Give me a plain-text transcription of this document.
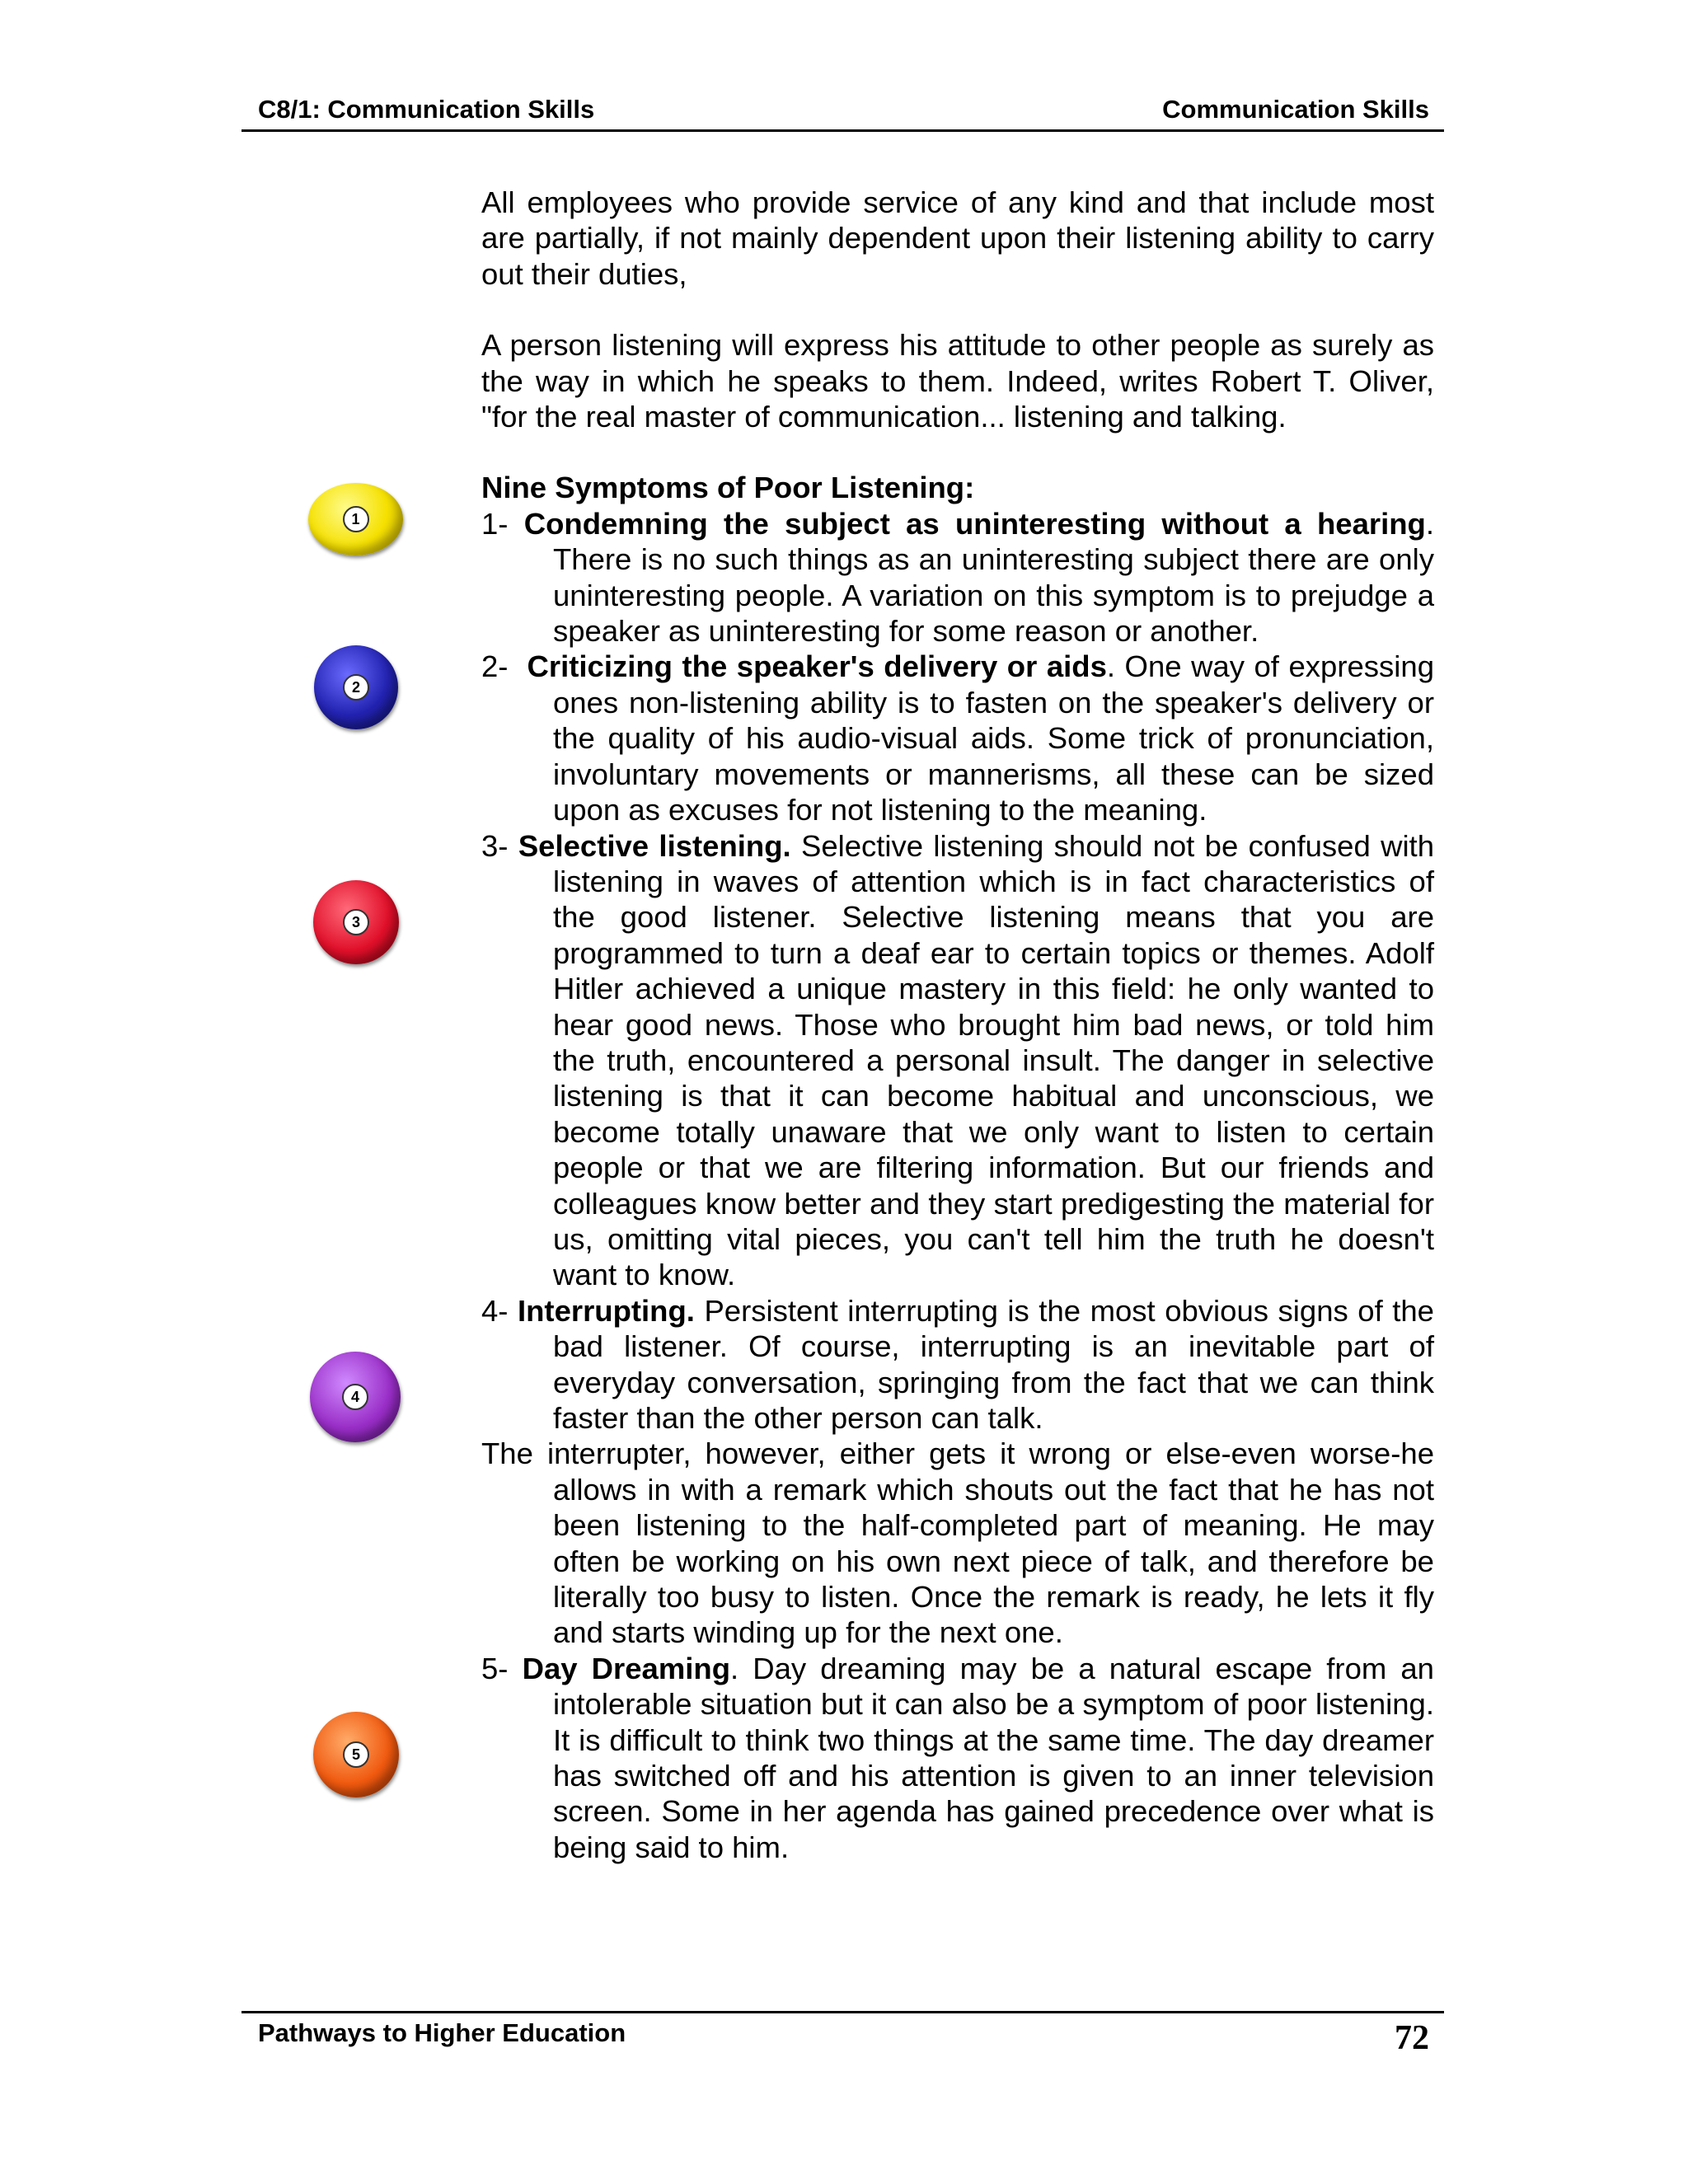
C8/1: Communication Skills	Communication Skills
1
2
3
4
5

All employees who provide service of any kind and that include most are partially, if not mainly dependent upon their listening ability to carry out their duties,

A person listening will express his attitude to other people as surely as the way in which he speaks to them. Indeed, writes Robert T. Oliver, "for the real master of communication... listening and talking.

Nine Symptoms of Poor Listening:

1- Condemning the subject as uninteresting without a hearing. There is no such things as an uninteresting subject there are only uninteresting people. A variation on this symptom is to prejudge a speaker as uninteresting for some reason or another.

2- Criticizing the speaker's delivery or aids. One way of expressing ones non-listening ability is to fasten on the speaker's delivery or the quality of his audio-visual aids. Some trick of pronunciation, involuntary movements or mannerisms, all these can be sized upon as excuses for not listening to the meaning.

3- Selective listening. Selective listening should not be confused with listening in waves of attention which is in fact characteristics of the good listener. Selective listening means that you are programmed to turn a deaf ear to certain topics or themes. Adolf Hitler achieved a unique mastery in this field: he only wanted to hear good news. Those who brought him bad news, or told him the truth, encountered a personal insult. The danger in selective listening is that it can become habitual and unconscious, we become totally unaware that we only want to listen to certain people or that we are filtering information. But our friends and colleagues know better and they start predigesting the material for us, omitting vital pieces, you can't tell him the truth he doesn't want to know.

4- Interrupting. Persistent interrupting is the most obvious signs of the bad listener. Of course, interrupting is an inevitable part of everyday conversation, springing from the fact that we can think faster than the other person can talk.

The interrupter, however, either gets it wrong or else-even worse-he allows in with a remark which shouts out the fact that he has not been listening to the half-completed part of meaning. He may often be working on his own next piece of talk, and therefore be literally too busy to listen. Once the remark is ready, he lets it fly and starts winding up for the next one.

5- Day Dreaming. Day dreaming may be a natural escape from an intolerable situation but it can also be a symptom of poor listening. It is difficult to think two things at the same time. The day dreamer has switched off and his attention is given to an inner television screen. Some in her agenda has gained precedence over what is being said to him.

Pathways to Higher Education	72
